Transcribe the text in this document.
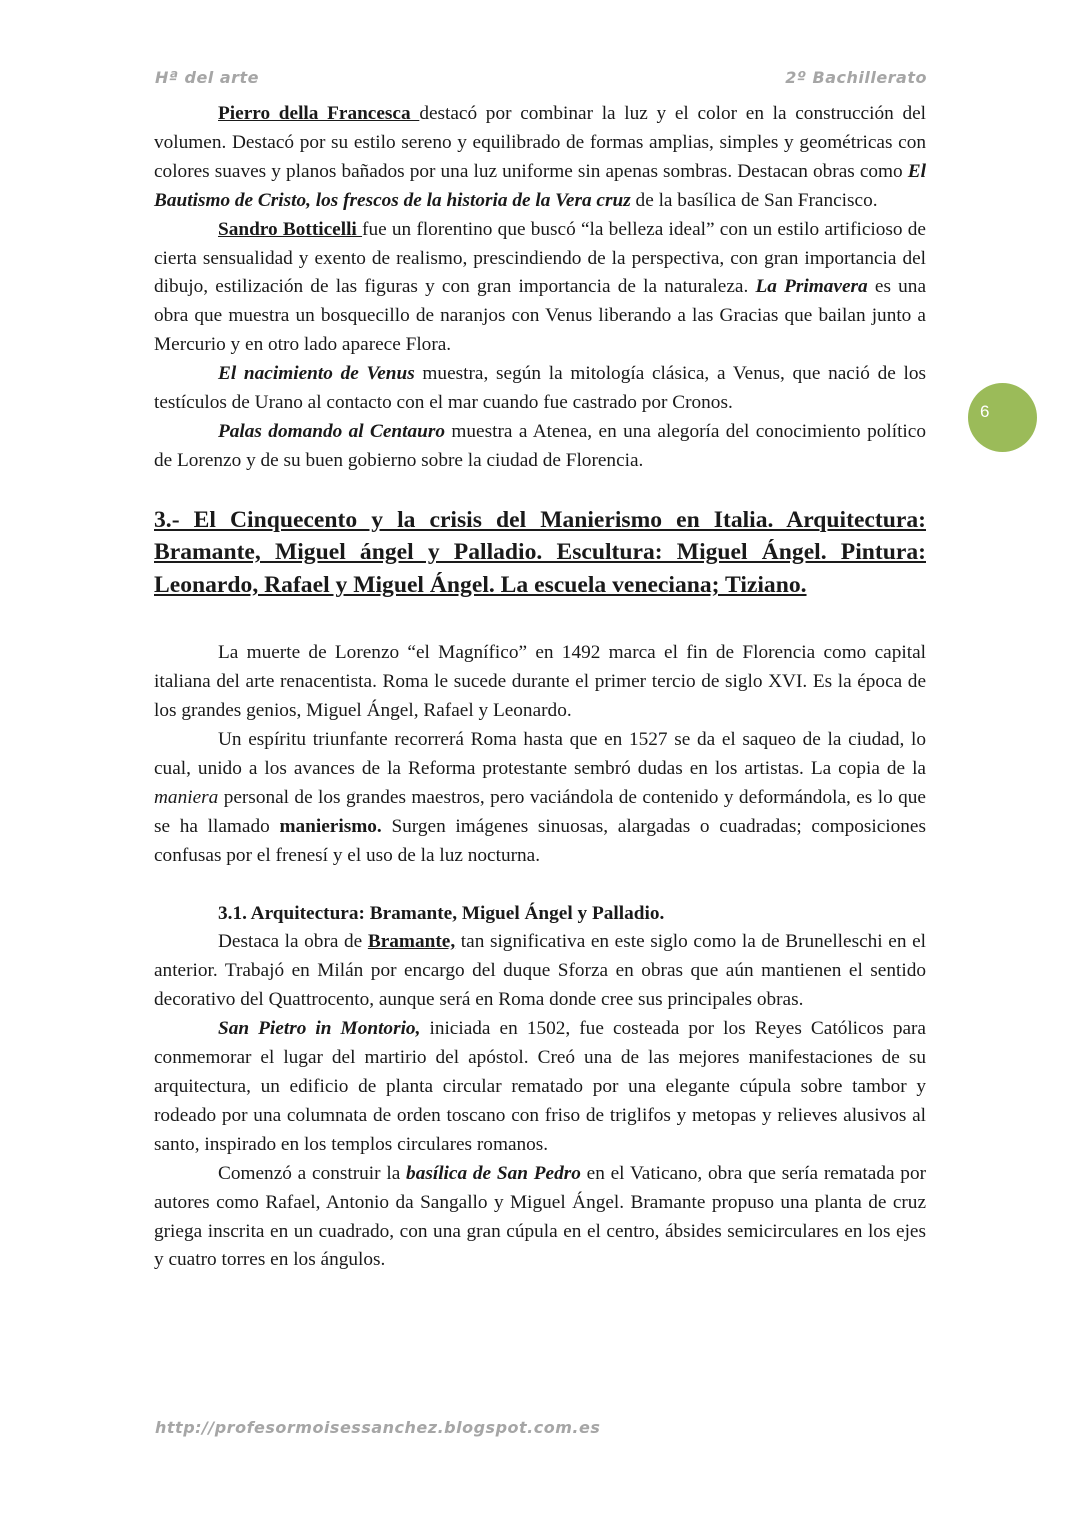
Hª del arte	2º Bachillerato
6

Pierro della Francesca destacó por combinar la luz y el color en la construcción del volumen. Destacó por su estilo sereno y equilibrado de formas amplias, simples y geométricas con colores suaves y planos bañados por una luz uniforme sin apenas sombras. Destacan obras como El Bautismo de Cristo, los frescos de la historia de la Vera cruz de la basílica de San Francisco.

Sandro Botticelli fue un florentino que buscó “la belleza ideal” con un estilo artificioso de cierta sensualidad y exento de realismo, prescindiendo de la perspectiva, con gran importancia del dibujo, estilización de las figuras y con gran importancia de la naturaleza. La Primavera es una obra que muestra un bosquecillo de naranjos con Venus liberando a las Gracias que bailan junto a Mercurio y en otro lado aparece Flora.

El nacimiento de Venus muestra, según la mitología clásica, a Venus, que nació de los testículos de Urano al contacto con el mar cuando fue castrado por Cronos.

Palas domando al Centauro muestra a Atenea, en una alegoría del conocimiento político de Lorenzo y de su buen gobierno sobre la ciudad de Florencia.

3.- El Cinquecento y la crisis del Manierismo en Italia. Arquitectura: Bramante, Miguel ángel y Palladio. Escultura: Miguel Ángel. Pintura: Leonardo, Rafael y Miguel Ángel. La escuela veneciana; Tiziano.

La muerte de Lorenzo “el Magnífico” en 1492 marca el fin de Florencia como capital italiana del arte renacentista. Roma le sucede durante el primer tercio de siglo XVI. Es la época de los grandes genios, Miguel Ángel, Rafael y Leonardo.

Un espíritu triunfante recorrerá Roma hasta que en 1527 se da el saqueo de la ciudad, lo cual, unido a los avances de la Reforma protestante sembró dudas en los artistas. La copia de la maniera personal de los grandes maestros, pero vaciándola de contenido y deformándola, es lo que se ha llamado manierismo. Surgen imágenes sinuosas, alargadas o cuadradas; composiciones confusas por el frenesí y el uso de la luz nocturna.

3.1. Arquitectura: Bramante, Miguel Ángel y Palladio.

Destaca la obra de Bramante, tan significativa en este siglo como la de Brunelleschi en el anterior. Trabajó en Milán por encargo del duque Sforza en obras que aún mantienen el sentido decorativo del Quattrocento, aunque será en Roma donde cree sus principales obras.

San Pietro in Montorio, iniciada en 1502, fue costeada por los Reyes Católicos para conmemorar el lugar del martirio del apóstol. Creó una de las mejores manifestaciones de su arquitectura, un edificio de planta circular rematado por una elegante cúpula sobre tambor y rodeado por una columnata de orden toscano con friso de triglifos y metopas y relieves alusivos al santo, inspirado en los templos circulares romanos.

Comenzó a construir la basílica de San Pedro en el Vaticano, obra que sería rematada por autores como Rafael, Antonio da Sangallo y Miguel Ángel. Bramante propuso una planta de cruz griega inscrita en un cuadrado, con una gran cúpula en el centro, ábsides semicirculares en los ejes y cuatro torres en los ángulos.

http://profesormoisessanchez.blogspot.com.es
